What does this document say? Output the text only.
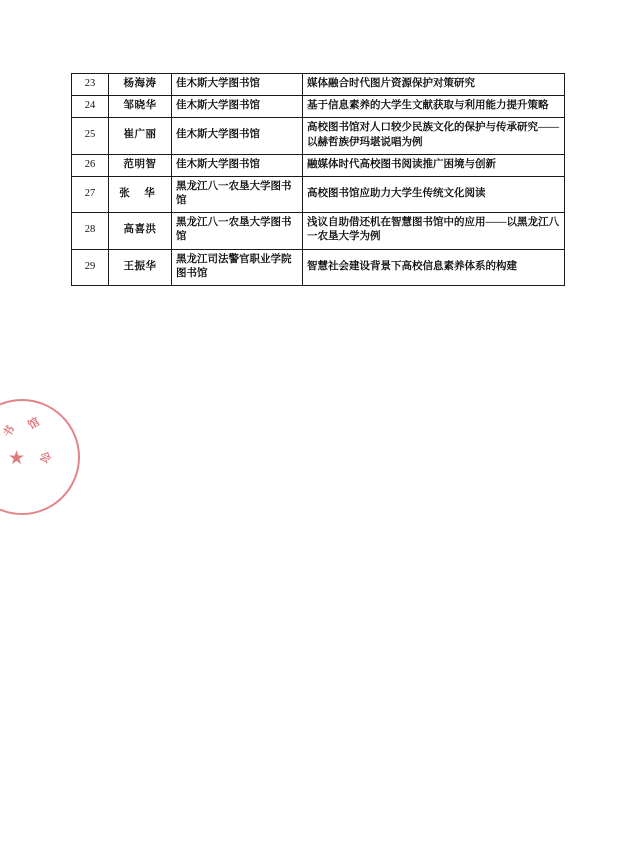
23	杨海涛	佳木斯大学图书馆	媒体融合时代图片资源保护对策研究
24	邹晓华	佳木斯大学图书馆	基于信息素养的大学生文献获取与利用能力提升策略
25	崔广丽	佳木斯大学图书馆	高校图书馆对人口较少民族文化的保护与传承研究——以赫哲族伊玛堪说唱为例
26	范明智	佳木斯大学图书馆	融媒体时代高校图书阅读推广困境与创新
27	张 华	黑龙江八一农垦大学图书馆	高校图书馆应助力大学生传统文化阅读
28	高喜洪	黑龙江八一农垦大学图书馆	浅议自助借还机在智慧图书馆中的应用——以黑龙江八一农垦大学为例
29	王振华	黑龙江司法警官职业学院图书馆	智慧社会建设背景下高校信息素养体系的构建
★
书 馆
会
